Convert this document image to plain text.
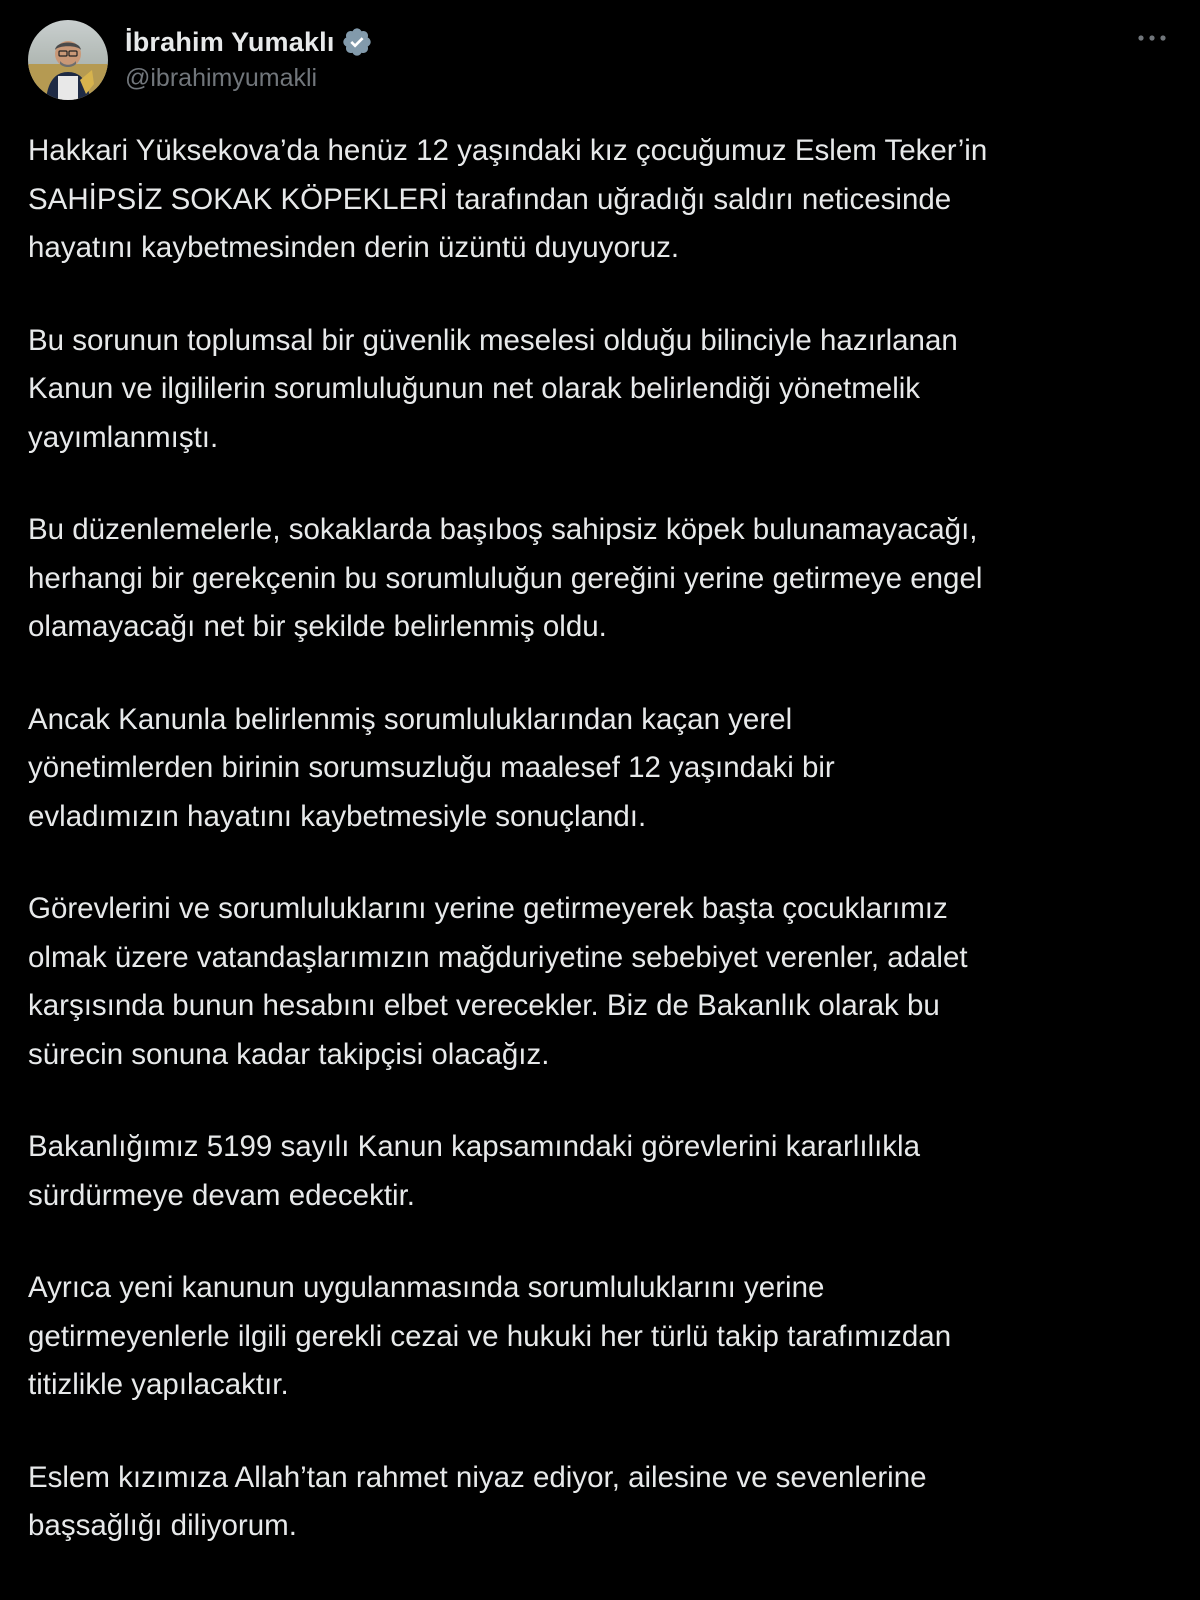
İbrahim Yumaklı
@ibrahimyumakli
Hakkari Yüksekova’da henüz 12 yaşındaki kız çocuğumuz Eslem Teker’in
SAHİPSİZ SOKAK KÖPEKLERİ tarafından uğradığı saldırı neticesinde
hayatını kaybetmesinden derin üzüntü duyuyoruz.
Bu sorunun toplumsal bir güvenlik meselesi olduğu bilinciyle hazırlanan
Kanun ve ilgililerin sorumluluğunun net olarak belirlendiği yönetmelik
yayımlanmıştı.
Bu düzenlemelerle, sokaklarda başıboş sahipsiz köpek bulunamayacağı,
herhangi bir gerekçenin bu sorumluluğun gereğini yerine getirmeye engel
olamayacağı net bir şekilde belirlenmiş oldu.
Ancak Kanunla belirlenmiş sorumluluklarından kaçan yerel
yönetimlerden birinin sorumsuzluğu maalesef 12 yaşındaki bir
evladımızın hayatını kaybetmesiyle sonuçlandı.
Görevlerini ve sorumluluklarını yerine getirmeyerek başta çocuklarımız
olmak üzere vatandaşlarımızın mağduriyetine sebebiyet verenler, adalet
karşısında bunun hesabını elbet verecekler. Biz de Bakanlık olarak bu
sürecin sonuna kadar takipçisi olacağız.
Bakanlığımız 5199 sayılı Kanun kapsamındaki görevlerini kararlılıkla
sürdürmeye devam edecektir.
Ayrıca yeni kanunun uygulanmasında sorumluluklarını yerine
getirmeyenlerle ilgili gerekli cezai ve hukuki her türlü takip tarafımızdan
titizlikle yapılacaktır.
Eslem kızımıza Allah’tan rahmet niyaz ediyor, ailesine ve sevenlerine
başsağlığı diliyorum.
